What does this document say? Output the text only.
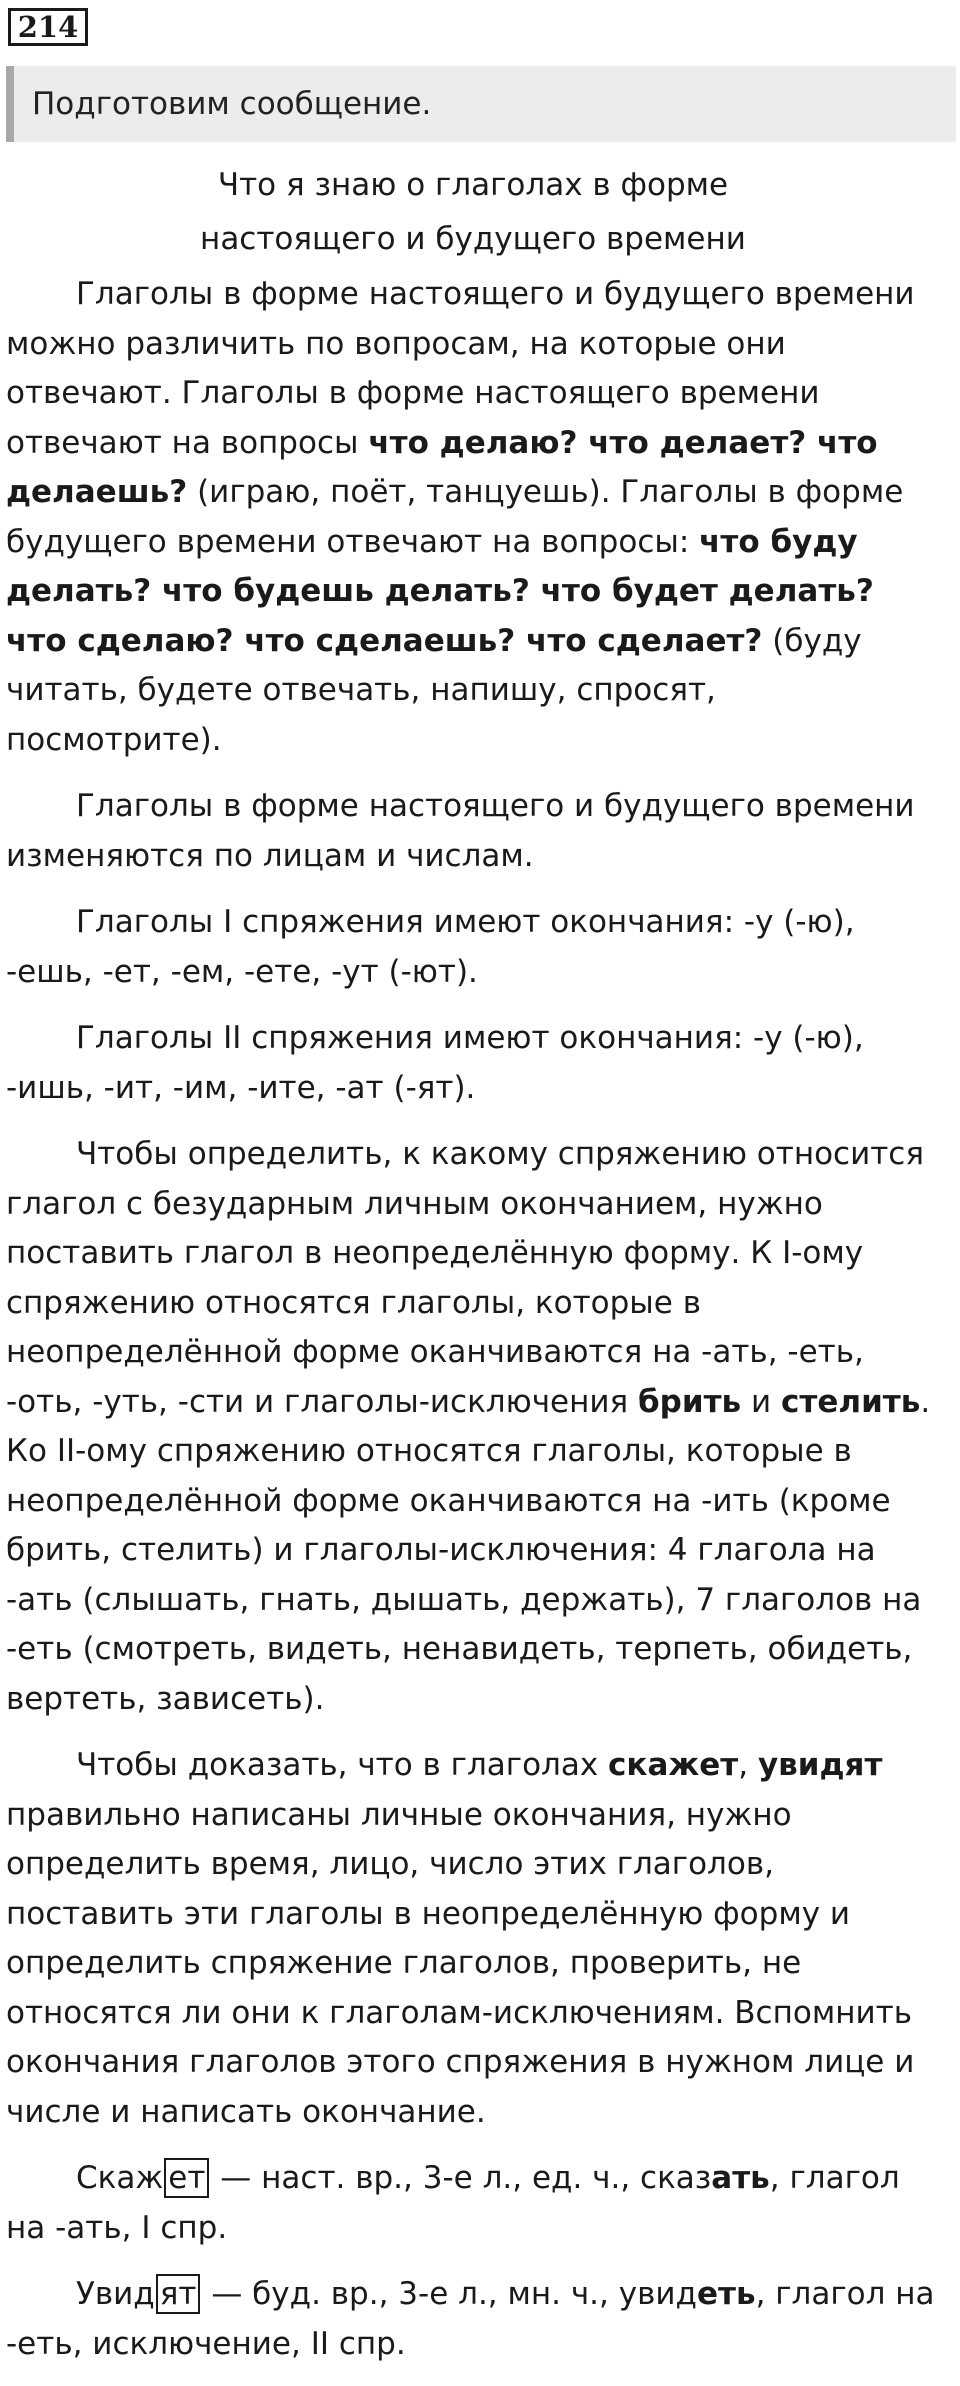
214
Подготовим сообщение.

Что я знаю о глаголах в форме

настоящего и будущего времени

Глаголы в форме настоящего и будущего времени можно различить по вопросам, на которые они отвечают. Глаголы в форме настоящего времени отвечают на вопросы что делаю? что делает? что делаешь? (играю, поёт, танцуешь). Глаголы в форме будущего времени отвечают на вопросы: что буду делать? что будешь делать? что будет делать? что сделаю? что сделаешь? что сделает? (буду читать, будете отвечать, напишу, спросят, посмотрите).

Глаголы в форме настоящего и будущего времени изменяются по лицам и числам.

Глаголы I спряжения имеют окончания: -у (-ю), -ешь, -ет, -ем, -ете, -ут (-ют).

Глаголы II спряжения имеют окончания: -у (-ю), -ишь, -ит, -им, -ите, -ат (-ят).

Чтобы определить, к какому спряжению относится глагол с безударным личным окончанием, нужно поставить глагол в неопределённую форму. К I-ому спряжению относятся глаголы, которые в неопределённой форме оканчиваются на -ать, -еть, -оть, -уть, -сти и глаголы-исключения брить и стелить. Ко II-ому спряжению относятся глаголы, которые в неопределённой форме оканчиваются на -ить (кроме брить, стелить) и глаголы-исключения: 4 глагола на -ать (слышать, гнать, дышать, держать), 7 глаголов на -еть (смотреть, видеть, ненавидеть, терпеть, обидеть, вертеть, зависеть).

Чтобы доказать, что в глаголах скажет, увидят правильно написаны личные окончания, нужно определить время, лицо, число этих глаголов, поставить эти глаголы в неопределённую форму и определить спряжение глаголов, проверить, не относятся ли они к глаголам-исключениям. Вспомнить окончания глаголов этого спряжения в нужном лице и числе и написать окончание.

Скаж ет — наст. вр., 3-е л., ед. ч., сказать, глагол на -ать, I спр.

Увид ят — буд. вр., 3-е л., мн. ч., увидеть, глагол на -еть, исключение, II спр.
